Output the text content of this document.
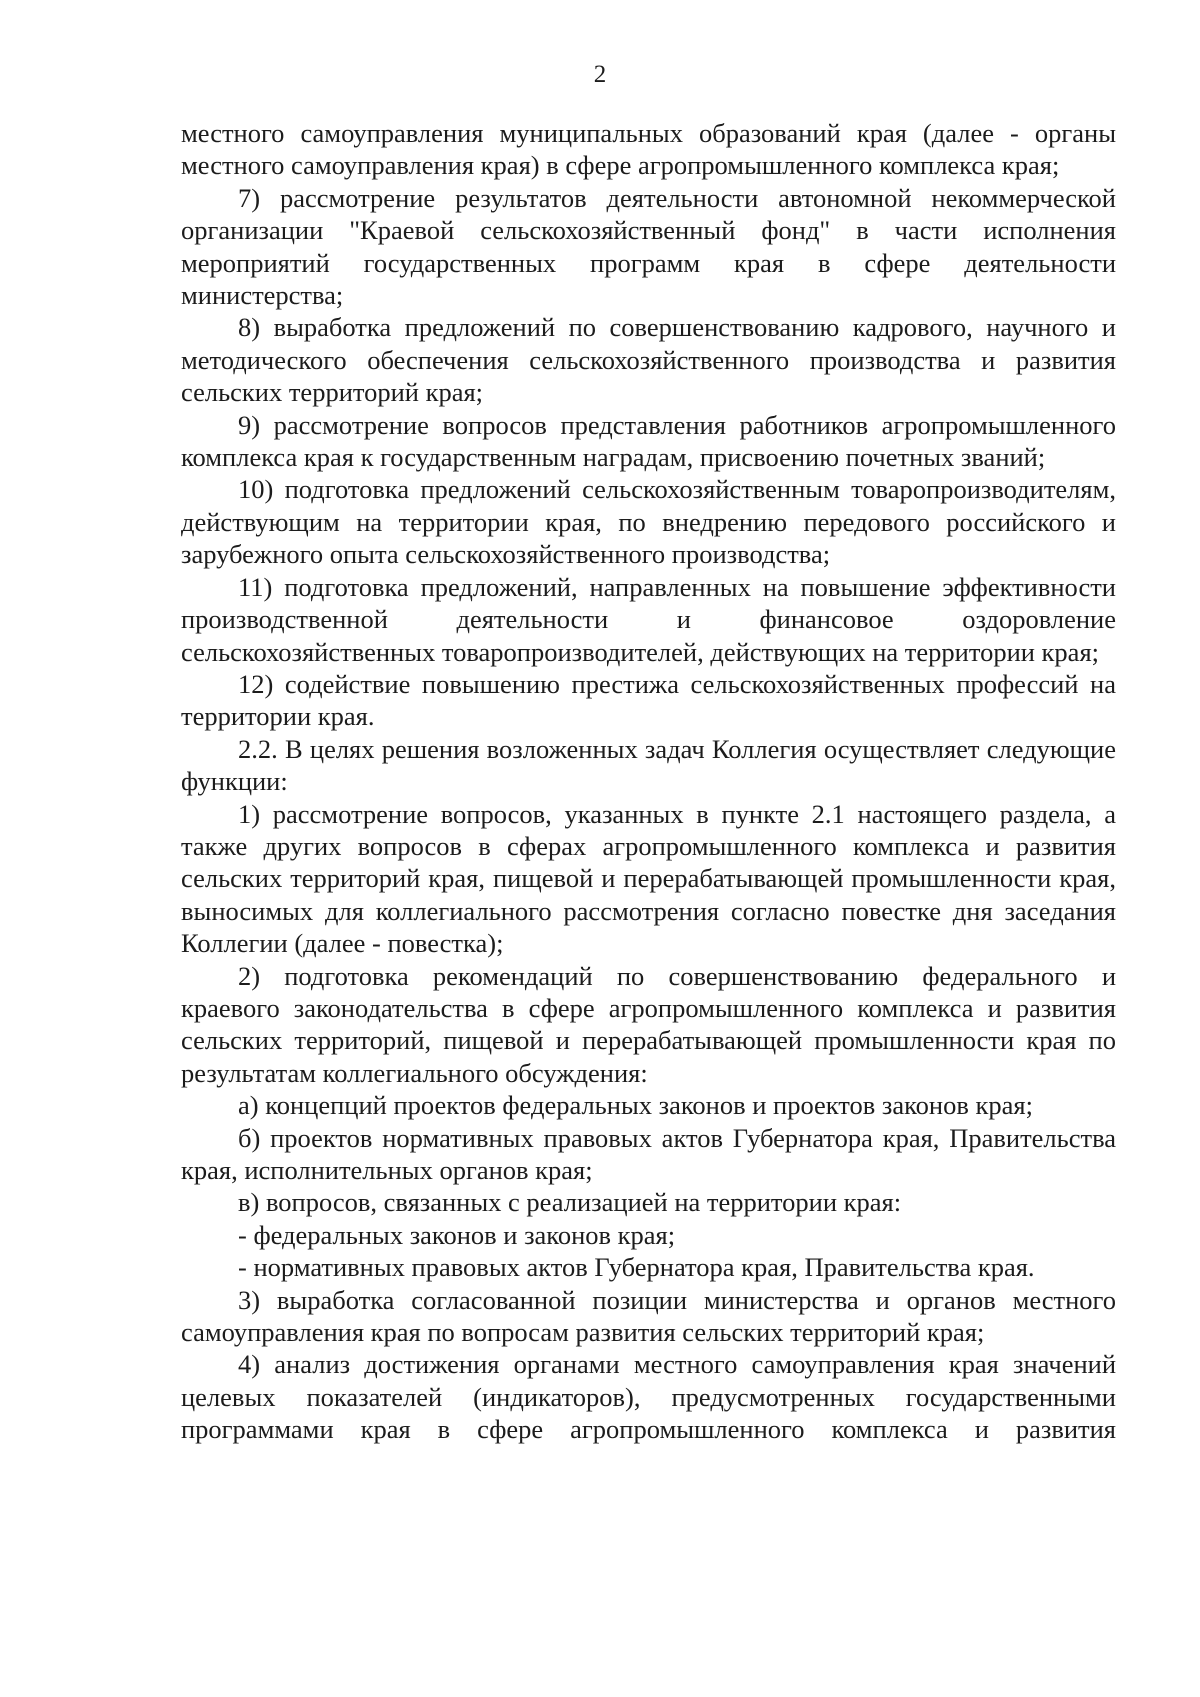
2

местного самоуправления муниципальных образований края (далее - органы местного самоуправления края) в сфере агропромышленного комплекса края;

7) рассмотрение результатов деятельности автономной некоммерческой организации "Краевой сельскохозяйственный фонд" в части исполнения мероприятий государственных программ края в сфере деятельности министерства;

8) выработка предложений по совершенствованию кадрового, научного и методического обеспечения сельскохозяйственного производства и развития сельских территорий края;

9) рассмотрение вопросов представления работников агропромышленного комплекса края к государственным наградам, присвоению почетных званий;

10) подготовка предложений сельскохозяйственным товаропроизводителям, действующим на территории края, по внедрению передового российского и зарубежного опыта сельскохозяйственного производства;

11) подготовка предложений, направленных на повышение эффективности производственной деятельности и финансовое оздоровление сельскохозяйственных товаропроизводителей, действующих на территории края;

12) содействие повышению престижа сельскохозяйственных профессий на территории края.

2.2. В целях решения возложенных задач Коллегия осуществляет следующие функции:

1) рассмотрение вопросов, указанных в пункте 2.1 настоящего раздела, а также других вопросов в сферах агропромышленного комплекса и развития сельских территорий края, пищевой и перерабатывающей промышленности края, выносимых для коллегиального рассмотрения согласно повестке дня заседания Коллегии (далее - повестка);

2) подготовка рекомендаций по совершенствованию федерального и краевого законодательства в сфере агропромышленного комплекса и развития сельских территорий, пищевой и перерабатывающей промышленности края по результатам коллегиального обсуждения:

а) концепций проектов федеральных законов и проектов законов края;

б) проектов нормативных правовых актов Губернатора края, Правительства края, исполнительных органов края;

в) вопросов, связанных с реализацией на территории края:

- федеральных законов и законов края;

- нормативных правовых актов Губернатора края, Правительства края.

3) выработка согласованной позиции министерства и органов местного самоуправления края по вопросам развития сельских территорий края;

4) анализ достижения органами местного самоуправления края значений целевых показателей (индикаторов), предусмотренных государственными программами края в сфере агропромышленного комплекса и развития
